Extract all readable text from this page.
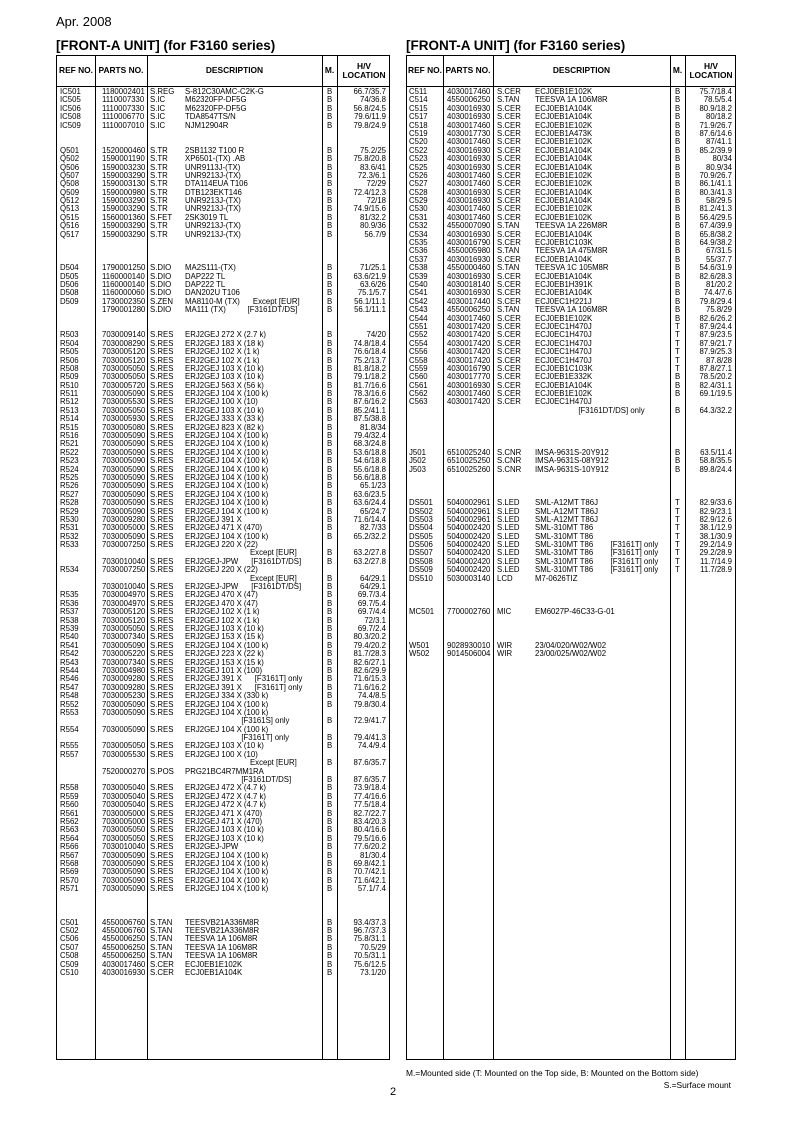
Apr. 2008
[FRONT-A UNIT] (for F3160 series)
REF NO. PARTS NO.	DESCRIPTION	M.	H/V LOCATION
IC501	1180002401 S.REG S-812C30AMC-C2K-G	B	66.7/35.7
IC505	1110007330 S.IC	M62320FP-DF5G	B	74/36.8
IC506	1110007330 S.IC	M62320FP-DF5G	B	56.8/24.5
IC508	1110006770 S.IC	TDA8547TS/N	B	79.6/11.9
IC509	1110007010 S.IC	NJM12904R	B	79.8/24.9
Q501	1520000460 S.TR 2SB1132 T100 R	B	75.2/25
Q502	1590001190 S.TR XP6501-(TX) .AB	B	75.8/20.8
Q506	1590003230 S.TR UNR9113J-(TX)	B	83.6/41
Q507	1590003290 S.TR UNR9213J-(TX)	B	72.3/6.1
Q508	1590003130 S.TR DTA114EUA T106	B	72/29
Q509	1590000980 S.TR DTB123EKT146	B	72.4/12.3
Q512	1590003290 S.TR UNR9213J-(TX)	B	72/18
Q513	1590003290 S.TR UNR9213J-(TX)	B	74.9/15.6
Q515	1560001360 S.FET 2SK3019 TL	B	81/32.2
Q516	1590003290 S.TR UNR9213J-(TX)	B	80.9/36
Q517	1590003290 S.TR UNR9213J-(TX)	B	56.7/9
D504	1790001250 S.DIO MA2S111-(TX)	B	71/25.1
D505	1160000140 S.DIO DAP222 TL	B	63.6/21.9
D506	1160000140 S.DIO DAP222 TL	B	63.6/26
D508	1160000060 S.DIO DAN202U T106	B	75.1/5.7
D509	1730002350 S.ZEN MA8110-M (TX)      Except [EUR]	B	56.1/11.1
1790001280 S.DIO MA111 (TX)          [F3161DT/DS]	B	56.1/11.1
R503	7030009140 S.RES ERJ2GEJ 272 X (2.7 k)	B	74/20
R504	7030008290 S.RES ERJ2GEJ 183 X (18 k)	B	74.8/18.4
R505	7030005120 S.RES ERJ2GEJ 102 X (1 k)	B	76.6/18.4
R506	7030005120 S.RES ERJ2GEJ 102 X (1 k)	B	75.2/13.7
R508	7030005050 S.RES ERJ2GEJ 103 X (10 k)	B	81.8/18.2
R509	7030005050 S.RES ERJ2GEJ 103 X (10 k)	B	79.1/18.2
R510	7030005720 S.RES ERJ2GEJ 563 X (56 k)	B	81.7/16.6
R511	7030005090 S.RES ERJ2GEJ 104 X (100 k)	B	78.3/16.6
R512	7030005530 S.RES ERJ2GEJ 100 X (10)	B	87.6/16.2
R513	7030005050 S.RES ERJ2GEJ 103 X (10 k)	B	85.2/41.1
R514	7030005930 S.RES ERJ2GEJ 333 X (33 k)	B	87.5/38.8
R515	7030005080 S.RES ERJ2GEJ 823 X (82 k)	B	81.8/34
R516	7030005090 S.RES ERJ2GEJ 104 X (100 k)	B	79.4/32.4
R521	7030005090 S.RES ERJ2GEJ 104 X (100 k)	B	68.3/24.8
R522	7030005090 S.RES ERJ2GEJ 104 X (100 k)	B	53.6/18.8
R523	7030005090 S.RES ERJ2GEJ 104 X (100 k)	B	54.6/18.8
R524	7030005090 S.RES ERJ2GEJ 104 X (100 k)	B	55.6/18.8
R525	7030005090 S.RES ERJ2GEJ 104 X (100 k)	B	56.6/18.8
R526	7030005090 S.RES ERJ2GEJ 104 X (100 k)	B	65.1/23
R527	7030005090 S.RES ERJ2GEJ 104 X (100 k)	B	63.6/23.5
R528	7030005090 S.RES ERJ2GEJ 104 X (100 k)	B	63.6/24.4
R529	7030005090 S.RES ERJ2GEJ 104 X (100 k)	B	65/24.7
R530	7030009280 S.RES ERJ2GEJ 391 X	B	71.6/14.4
R531	7030005000 S.RES ERJ2GEJ 471 X (470)	B	82.7/33
R532	7030005090 S.RES ERJ2GEJ 104 X (100 k)	B	65.2/32.2
R533	7030007250 S.RES ERJ2GEJ 220 X (22)
Except [EUR]	B	63.2/27.8
7030010040 S.RES ERJ2GEJ-JPW      [F3161DT/DS]	B	63.2/27.8
R534	7030007250 S.RES ERJ2GEJ 220 X (22)
Except [EUR]	B	64/29.1
7030010040 S.RES ERJ2GEJ-JPW      [F3161DT/DS]	B	64/29.1
R535	7030004970 S.RES ERJ2GEJ 470 X (47)	B	69.7/3.4
R536	7030004970 S.RES ERJ2GEJ 470 X (47)	B	69.7/5.4
R537	7030005120 S.RES ERJ2GEJ 102 X (1 k)	B	69.7/4.4
R538	7030005120 S.RES ERJ2GEJ 102 X (1 k)	B	72/3.1
R539	7030005050 S.RES ERJ2GEJ 103 X (10 k)	B	69.7/2.4
R540	7030007340 S.RES ERJ2GEJ 153 X (15 k)	B	80.3/20.2
R541	7030005090 S.RES ERJ2GEJ 104 X (100 k)	B	79.4/20.2
R542	7030005220 S.RES ERJ2GEJ 223 X (22 k)	B	81.7/28.3
R543	7030007340 S.RES ERJ2GEJ 153 X (15 k)	B	82.6/27.1
R544	7030004980 S.RES ERJ2GEJ 101 X (100)	B	82.6/29.9
R546	7030009280 S.RES ERJ2GEJ 391 X      [F3161T] only	B	71.6/15.3
R547	7030009280 S.RES ERJ2GEJ 391 X      [F3161T] only	B	71.6/16.2
R548	7030005230 S.RES ERJ2GEJ 334 X (330 k)	B	74.4/8.5
R552	7030005090 S.RES ERJ2GEJ 104 X (100 k)	B	79.8/30.4
R553	7030005090 S.RES ERJ2GEJ 104 X (100 k)
[F3161S] only	B	72.9/41.7
R554	7030005090 S.RES ERJ2GEJ 104 X (100 k)
[F3161T] only	B	79.4/41.3
R555	7030005050 S.RES ERJ2GEJ 103 X (10 k)	B	74.4/9.4
R557	7030005530 S.RES ERJ2GEJ 100 X (10)
Except [EUR]	B	87.6/35.7
7520000270 S.POS PRG21BC4R7MM1RA
[F3161DT/DS]	B	87.6/35.7
R558	7030005040 S.RES ERJ2GEJ 472 X (4.7 k)	B	73.9/18.4
R559	7030005040 S.RES ERJ2GEJ 472 X (4.7 k)	B	77.4/16.6
R560	7030005040 S.RES ERJ2GEJ 472 X (4.7 k)	B	77.5/18.4
R561	7030005000 S.RES ERJ2GEJ 471 X (470)	B	82.7/22.7
R562	7030005000 S.RES ERJ2GEJ 471 X (470)	B	83.4/20.3
R563	7030005050 S.RES ERJ2GEJ 103 X (10 k)	B	80.4/16.6
R564	7030005050 S.RES ERJ2GEJ 103 X (10 k)	B	79.5/16.6
R566	7030010040 S.RES ERJ2GEJ-JPW	B	77.6/20.2
R567	7030005090 S.RES ERJ2GEJ 104 X (100 k)	B	81/30.4
R568	7030005090 S.RES ERJ2GEJ 104 X (100 k)	B	69.8/42.1
R569	7030005090 S.RES ERJ2GEJ 104 X (100 k)	B	70.7/42.1
R570	7030005090 S.RES ERJ2GEJ 104 X (100 k)	B	71.6/42.1
R571	7030005090 S.RES ERJ2GEJ 104 X (100 k)	B	57.1/7.4
C501	4550006760 S.TAN TEESVB21A336M8R	B	93.4/37.3
C502	4550006760 S.TAN TEESVB21A336M8R	B	96.7/37.3
C506	4550006250 S.TAN TEESVA 1A 106M8R	B	75.8/31.1
C507	4550006250 S.TAN TEESVA 1A 106M8R	B	70.5/29
C508	4550006250 S.TAN TEESVA 1A 106M8R	B	70.5/31.1
C509	4030017460 S.CER ECJ0EB1E102K	B	75.6/12.5
C510	4030016930 S.CER ECJ0EB1A104K	B	73.1/20
[FRONT-A UNIT] (for F3160 series)
REF NO. PARTS NO.	DESCRIPTION	M.	H/V LOCATION
C511	4030017460 S.CER ECJ0EB1E102K	B 75.7/18.4
C514 4550006250 S.TAN TEESVA 1A 106M8R	B	78.5/5.4
C515 4030016930 S.CER ECJ0EB1A104K	B 80.9/18.2
C517 4030016930 S.CER ECJ0EB1A104K	B	80/18.2
C518 4030017460 S.CER ECJ0EB1E102K	B 71.9/26.7
C519 4030017730 S.CER ECJ0EB1A473K	B 87.6/14.6
C520 4030017460 S.CER ECJ0EB1E102K	B	87/41.1
C522 4030016930 S.CER ECJ0EB1A104K	B 85.2/39.9
C523 4030016930 S.CER ECJ0EB1A104K	B	80/34
C525 4030016930 S.CER ECJ0EB1A104K	B	80.9/34
C526 4030017460 S.CER ECJ0EB1E102K	B 70.9/26.7
C527 4030017460 S.CER ECJ0EB1E102K	B 86.1/41.1
C528 4030016930 S.CER ECJ0EB1A104K	B 80.3/41.3
C529 4030016930 S.CER ECJ0EB1A104K	B	58/29.5
C530 4030017460 S.CER ECJ0EB1E102K	B 81.2/41.3
C531 4030017460 S.CER ECJ0EB1E102K	B 56.4/29.5
C532 4550007090 S.TAN TEESVA 1A 226M8R	B 67.4/39.9
C534 4030016930 S.CER ECJ0EB1A104K	B 65.8/38.2
C535 4030016790 S.CER ECJ0EB1C103K	B 64.9/38.2
C536 4550005980 S.TAN TEESVA 1A 475M8R	B	67/31.5
C537 4030016930 S.CER ECJ0EB1A104K	B	55/37.7
C538 4550000460 S.TAN TEESVA 1C 105M8R	B 54.6/31.9
C539 4030016930 S.CER ECJ0EB1A104K	B 82.6/28.3
C540 4030018140 S.CER ECJ0EB1H391K	B	81/20.2
C541 4030016930 S.CER ECJ0EB1A104K	B	74.4/7.6
C542 4030017440 S.CER ECJ0EC1H221J	B 79.8/29.4
C543 4550006250 S.TAN TEESVA 1A 106M8R	B	75.8/29
C544 4030017460 S.CER ECJ0EB1E102K	B 82.6/26.2
C551 4030017420 S.CER ECJ0EC1H470J	T	87.9/24.4
C552 4030017420 S.CER ECJ0EC1H470J	T	87.9/23.5
C554 4030017420 S.CER ECJ0EC1H470J	T	87.9/21.7
C556 4030017420 S.CER ECJ0EC1H470J	T	87.9/25.3
C558 4030017420 S.CER ECJ0EC1H470J	T	87.8/28
C559 4030016790 S.CER ECJ0EB1C103K	T	87.8/27.1
C560 4030017770 S.CER ECJ0EB1E332K	B 78.5/20.2
C561 4030016930 S.CER ECJ0EB1A104K	B 82.4/31.1
C562 4030017460 S.CER ECJ0EB1E102K	B 69.1/19.5
C563 4030017420 S.CER ECJ0EC1H470J
[F3161DT/DS] only	B 64.3/32.2
J501	6510025240 S.CNR IMSA-9631S-20Y912	B	63.5/11.4
J502	6510025250 S.CNR IMSA-9631S-08Y912	B 58.8/35.5
J503	6510025260 S.CNR IMSA-9631S-10Y912	B 89.8/24.4
DS501 5040002961 S.LED SML-A12MT T86J	T	82.9/33.6
DS502 5040002961 S.LED SML-A12MT T86J	T	82.9/23.1
DS503 5040002961 S.LED SML-A12MT T86J	T	82.9/12.6
DS504 5040002420 S.LED SML-310MT T86	T	38.1/12.9
DS505 5040002420 S.LED SML-310MT T86	T	38.1/30.9
DS506 5040002420 S.LED SML-310MT T86        [F3161T] only T	29.2/14.9
DS507 5040002420 S.LED SML-310MT T86        [F3161T] only T	29.2/28.9
DS508 5040002420 S.LED SML-310MT T86        [F3161T] only T	11.7/14.9
DS509 5040002420 S.LED SML-310MT T86        [F3161T] only T	11.7/28.9
DS510 5030003140 LCD	M7-0626TIZ
MC501 7700002760 MIC	EM6027P-46C33-G-01
W501 9028930010 WIR	23/04/020/W02/W02
W502 9014506004 WIR	23/00/025/W02/W02
M.=Mounted side (T: Mounted on the Top side, B: Mounted on the Bottom side)
S.=Surface mount
2
